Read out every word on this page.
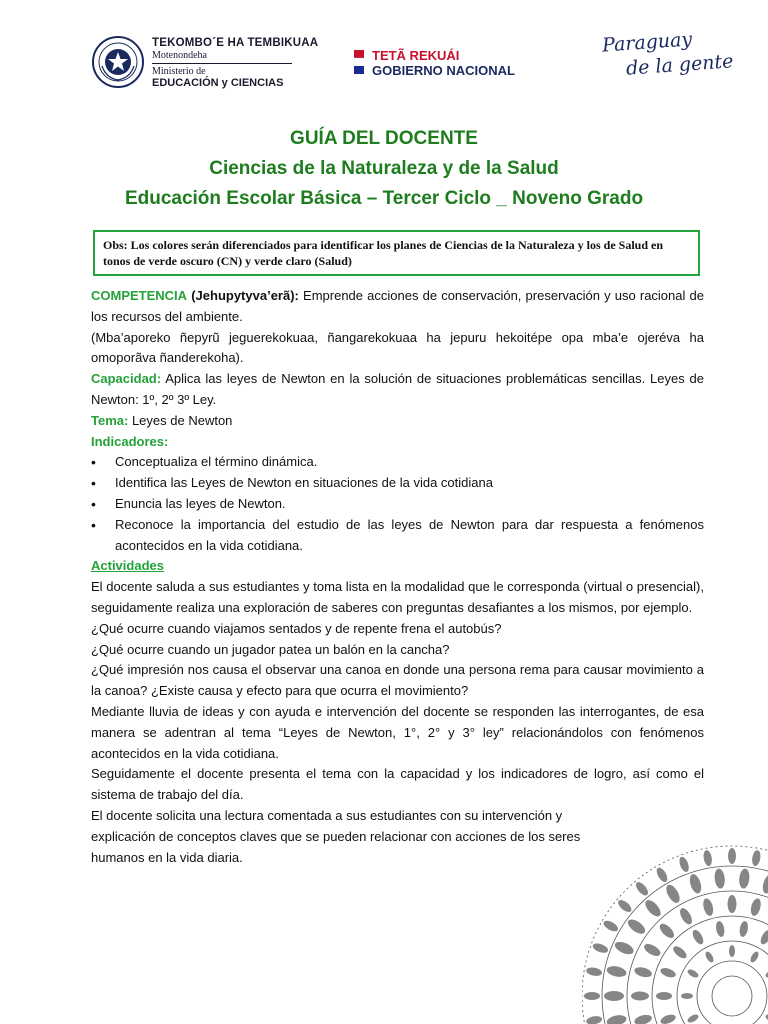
TEKOMBO´E HA TEMBIKUAA
Motenondeha
Ministerio de
EDUCACIÓN y CIENCIAS
TETÃ REKUÁI
GOBIERNO NACIONAL
Paraguay
de la gente
GUÍA DEL DOCENTE
Ciencias de la Naturaleza y de la Salud
Educación Escolar Básica – Tercer Ciclo _ Noveno Grado
Obs: Los colores serán diferenciados para identificar los planes de Ciencias de la Naturaleza y los de Salud en tonos de verde oscuro (CN) y verde claro (Salud)

COMPETENCIA (Jehupytyva’erã): Emprende acciones de conservación, preservación y uso racional de los recursos del ambiente.

(Mba’aporeko ñepyrũ jeguerekokuaa, ñangarekokuaa ha jepuru hekoitépe opa mba’e ojeréva ha omoporãva ñanderekoha).

Capacidad: Aplica las leyes de Newton en la solución de situaciones problemáticas sencillas. Leyes de Newton: 1º, 2º 3º Ley.

Tema: Leyes de Newton

Indicadores:

• Conceptualiza el término dinámica.
• Identifica las Leyes de Newton en situaciones de la vida cotidiana
• Enuncia las leyes de Newton.
• Reconoce la importancia del estudio de las leyes de Newton para dar respuesta a fenómenos acontecidos en la vida cotidiana.

Actividades

El docente saluda a sus estudiantes y toma lista en la modalidad que le corresponda (virtual o presencial), seguidamente realiza una exploración de saberes con preguntas desafiantes a los mismos, por ejemplo.

¿Qué ocurre cuando viajamos sentados y de repente frena el autobús?

¿Qué ocurre cuando un jugador patea un balón en la cancha?

¿Qué impresión nos causa el observar una canoa en donde una persona rema para causar movimiento a la canoa? ¿Existe causa y efecto para que ocurra el movimiento?

Mediante lluvia de ideas y con ayuda e intervención del docente se responden las interrogantes, de esa manera se adentran al tema “Leyes de Newton, 1°, 2° y 3° ley” relacionándolos con fenómenos acontecidos en la vida cotidiana.

Seguidamente el docente presenta el tema con la capacidad y los indicadores de logro, así como el sistema de trabajo del día.

El docente solicita una lectura comentada a sus estudiantes con su intervención y explicación de conceptos claves que se pueden relacionar con acciones de los seres humanos en la vida diaria.
